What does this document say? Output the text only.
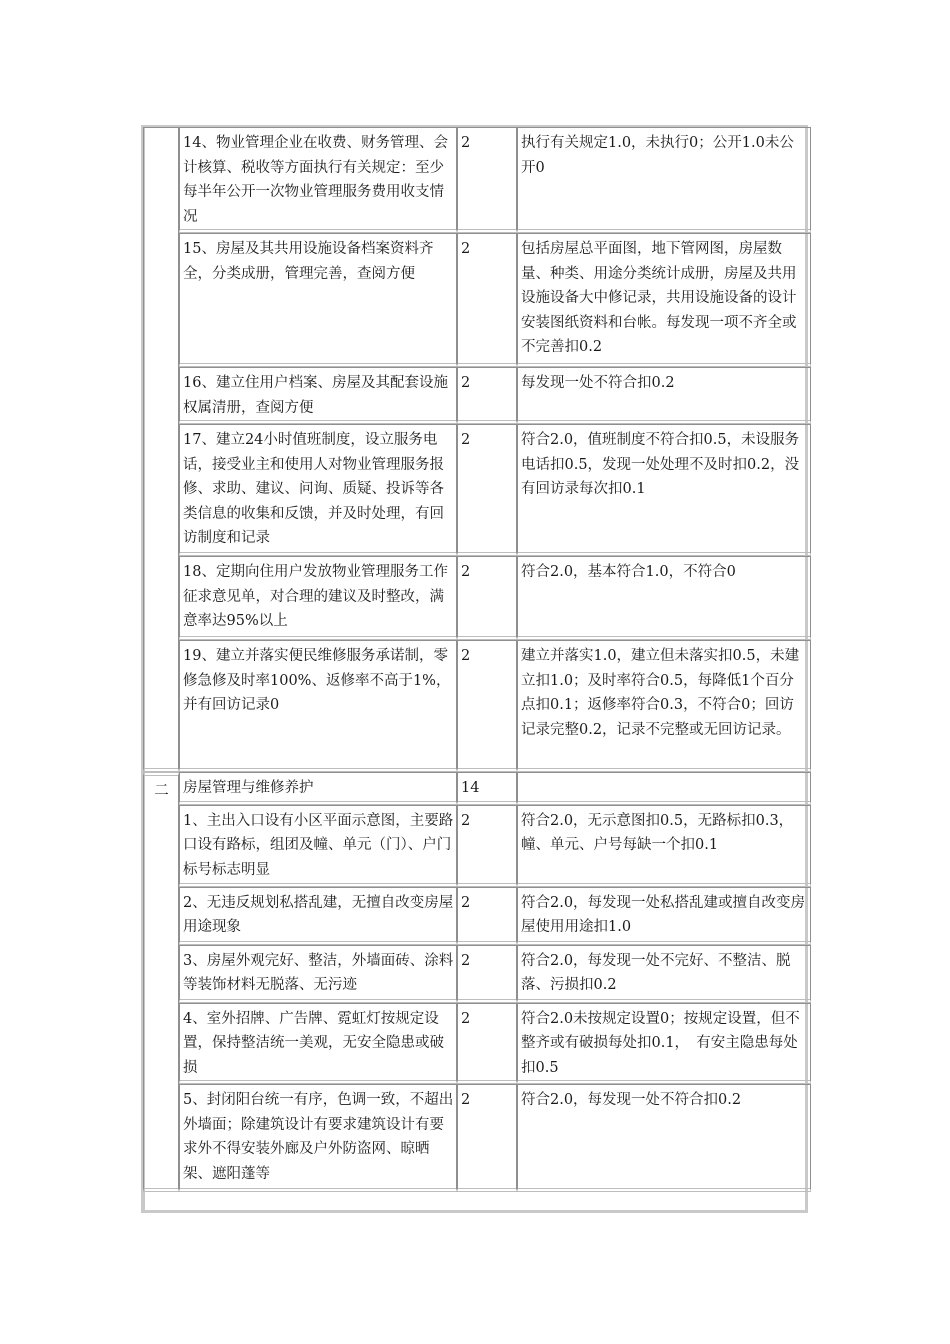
	14、物业管理企业在收费、财务管理、会计核算、税收等方面执行有关规定：至少每半年公开一次物业管理服务费用收支情况	2	执行有关规定1.0，未执行0；公开1.0未公开0
	15、房屋及其共用设施设备档案资料齐全，分类成册，管理完善，查阅方便	2	包括房屋总平面图，地下管网图，房屋数量、种类、用途分类统计成册，房屋及共用设施设备大中修记录，共用设施设备的设计安装图纸资料和台帐。每发现一项不齐全或不完善扣0.2
	16、建立住用户档案、房屋及其配套设施权属清册，查阅方便	2	每发现一处不符合扣0.2
	17、建立24小时值班制度，设立服务电话，接受业主和使用人对物业管理服务报修、求助、建议、问询、质疑、投诉等各类信息的收集和反馈，并及时处理，有回访制度和记录	2	符合2.0，值班制度不符合扣0.5，未设服务电话扣0.5，发现一处处理不及时扣0.2，没有回访录每次扣0.1
	18、定期向住用户发放物业管理服务工作征求意见单，对合理的建议及时整改，满意率达95%以上	2	符合2.0，基本符合1.0，不符合0
	19、建立并落实便民维修服务承诺制，零修急修及时率100%、返修率不高于1%，并有回访记录0	2	建立并落实1.0，建立但未落实扣0.5，未建立扣1.0；及时率符合0.5，每降低1个百分点扣0.1；返修率符合0.3，不符合0；回访记录完整0.2，记录不完整或无回访记录。
二	房屋管理与维修养护	14	
	1、主出入口设有小区平面示意图，主要路口设有路标，组团及幢、单元（门）、户门标号标志明显	2	符合2.0，无示意图扣0.5，无路标扣0.3，幢、单元、户号每缺一个扣0.1
	2、无违反规划私搭乱建，无擅自改变房屋用途现象	2	符合2.0，每发现一处私搭乱建或擅自改变房屋使用用途扣1.0
	3、房屋外观完好、整洁，外墙面砖、涂料等装饰材料无脱落、无污迹	2	符合2.0，每发现一处不完好、不整洁、脱落、污损扣0.2
	4、室外招牌、广告牌、霓虹灯按规定设置，保持整洁统一美观，无安全隐患或破损	2	符合2.0未按规定设置0；按规定设置，但不整齐或有破损每处扣0.1，　有安主隐患每处扣0.5
	5、封闭阳台统一有序，色调一致，不超出外墙面；除建筑设计有要求建筑设计有要求外不得安装外廊及户外防盗网、晾晒架、遮阳蓬等	2	符合2.0，每发现一处不符合扣0.2
